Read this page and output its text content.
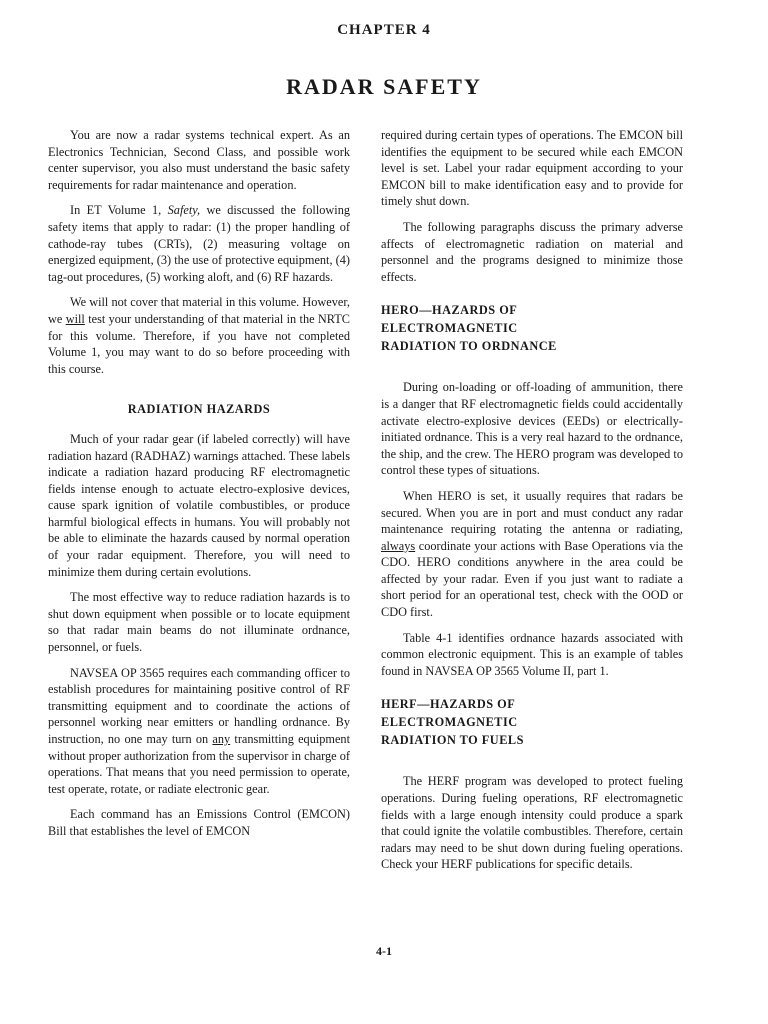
CHAPTER 4
RADAR SAFETY

You are now a radar systems technical expert. As an Electronics Technician, Second Class, and possible work center supervisor, you also must understand the basic safety requirements for radar maintenance and operation.

In ET Volume 1, Safety, we discussed the following safety items that apply to radar: (1) the proper handling of cathode-ray tubes (CRTs), (2) measuring voltage on energized equipment, (3) the use of protective equipment, (4) tag-out procedures, (5) working aloft, and (6) RF hazards.

We will not cover that material in this volume. However, we will test your understanding of that material in the NRTC for this volume. Therefore, if you have not completed Volume 1, you may want to do so before proceeding with this course.

RADIATION HAZARDS

Much of your radar gear (if labeled correctly) will have radiation hazard (RADHAZ) warnings attached. These labels indicate a radiation hazard producing RF electromagnetic fields intense enough to actuate electro-explosive devices, cause spark ignition of volatile combustibles, or produce harmful biological effects in humans. You will probably not be able to eliminate the hazards caused by normal operation of your radar equipment. Therefore, you will need to minimize them during certain evolutions.

The most effective way to reduce radiation hazards is to shut down equipment when possible or to locate equipment so that radar main beams do not illuminate ordnance, personnel, or fuels.

NAVSEA OP 3565 requires each commanding officer to establish procedures for maintaining positive control of RF transmitting equipment and to coordinate the actions of personnel working near emitters or handling ordnance. By instruction, no one may turn on any transmitting equipment without proper authorization from the supervisor in charge of operations. That means that you need permission to operate, test operate, rotate, or radiate electronic gear.

Each command has an Emissions Control (EMCON) Bill that establishes the level of EMCON

required during certain types of operations. The EMCON bill identifies the equipment to be secured while each EMCON level is set. Label your radar equipment according to your EMCON bill to make identification easy and to provide for timely shut down.

The following paragraphs discuss the primary adverse affects of electromagnetic radiation on material and personnel and the programs designed to minimize those effects.

HERO—HAZARDS OF
ELECTROMAGNETIC
RADIATION TO ORDNANCE

During on-loading or off-loading of ammunition, there is a danger that RF electromagnetic fields could accidentally activate electro-explosive devices (EEDs) or electrically-initiated ordnance. This is a very real hazard to the ordnance, the ship, and the crew. The HERO program was developed to control these types of situations.

When HERO is set, it usually requires that radars be secured. When you are in port and must conduct any radar maintenance requiring rotating the antenna or radiating, always coordinate your actions with Base Operations via the CDO. HERO conditions anywhere in the area could be affected by your radar. Even if you just want to radiate a short period for an operational test, check with the OOD or CDO first.

Table 4-1 identifies ordnance hazards associated with common electronic equipment. This is an example of tables found in NAVSEA OP 3565 Volume II, part 1.

HERF—HAZARDS OF
ELECTROMAGNETIC
RADIATION TO FUELS

The HERF program was developed to protect fueling operations. During fueling operations, RF electromagnetic fields with a large enough intensity could produce a spark that could ignite the volatile combustibles. Therefore, certain radars may need to be shut down during fueling operations. Check your HERF publications for specific details.

4-1
